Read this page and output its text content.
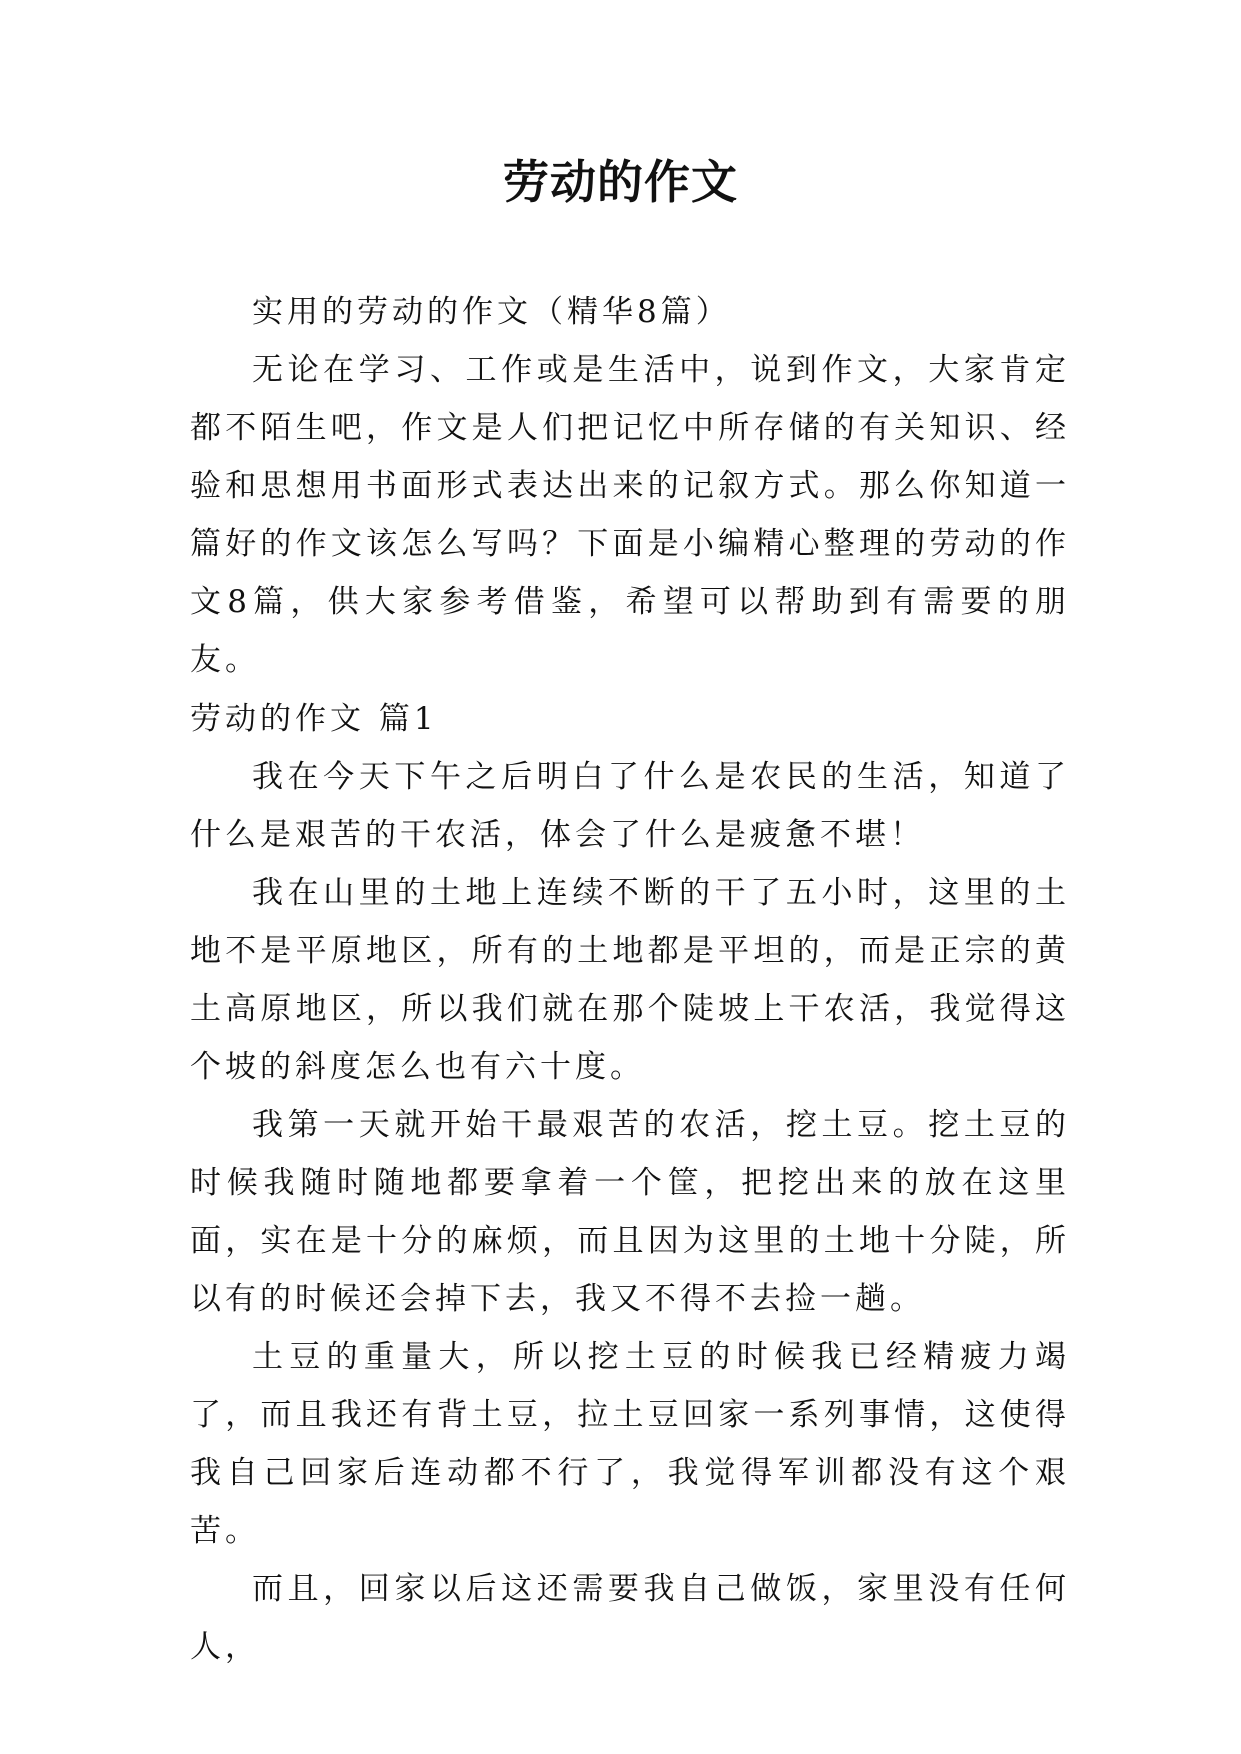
劳动的作文

实用的劳动的作文（精华8篇）

无论在学习、工作或是生活中，说到作文，大家肯定都不陌生吧，作文是人们把记忆中所存储的有关知识、经验和思想用书面形式表达出来的记叙方式。那么你知道一篇好的作文该怎么写吗？下面是小编精心整理的劳动的作文8篇，供大家参考借鉴，希望可以帮助到有需要的朋友。

劳动的作文 篇1

我在今天下午之后明白了什么是农民的生活，知道了什么是艰苦的干农活，体会了什么是疲惫不堪！

我在山里的土地上连续不断的干了五小时，这里的土地不是平原地区，所有的土地都是平坦的，而是正宗的黄土高原地区，所以我们就在那个陡坡上干农活，我觉得这个坡的斜度怎么也有六十度。

我第一天就开始干最艰苦的农活，挖土豆。挖土豆的时候我随时随地都要拿着一个筐，把挖出来的放在这里面，实在是十分的麻烦，而且因为这里的土地十分陡，所以有的时候还会掉下去，我又不得不去捡一趟。

土豆的重量大，所以挖土豆的时候我已经精疲力竭了，而且我还有背土豆，拉土豆回家一系列事情，这使得我自己回家后连动都不行了，我觉得军训都没有这个艰苦。

而且，回家以后这还需要我自己做饭，家里没有任何人，
